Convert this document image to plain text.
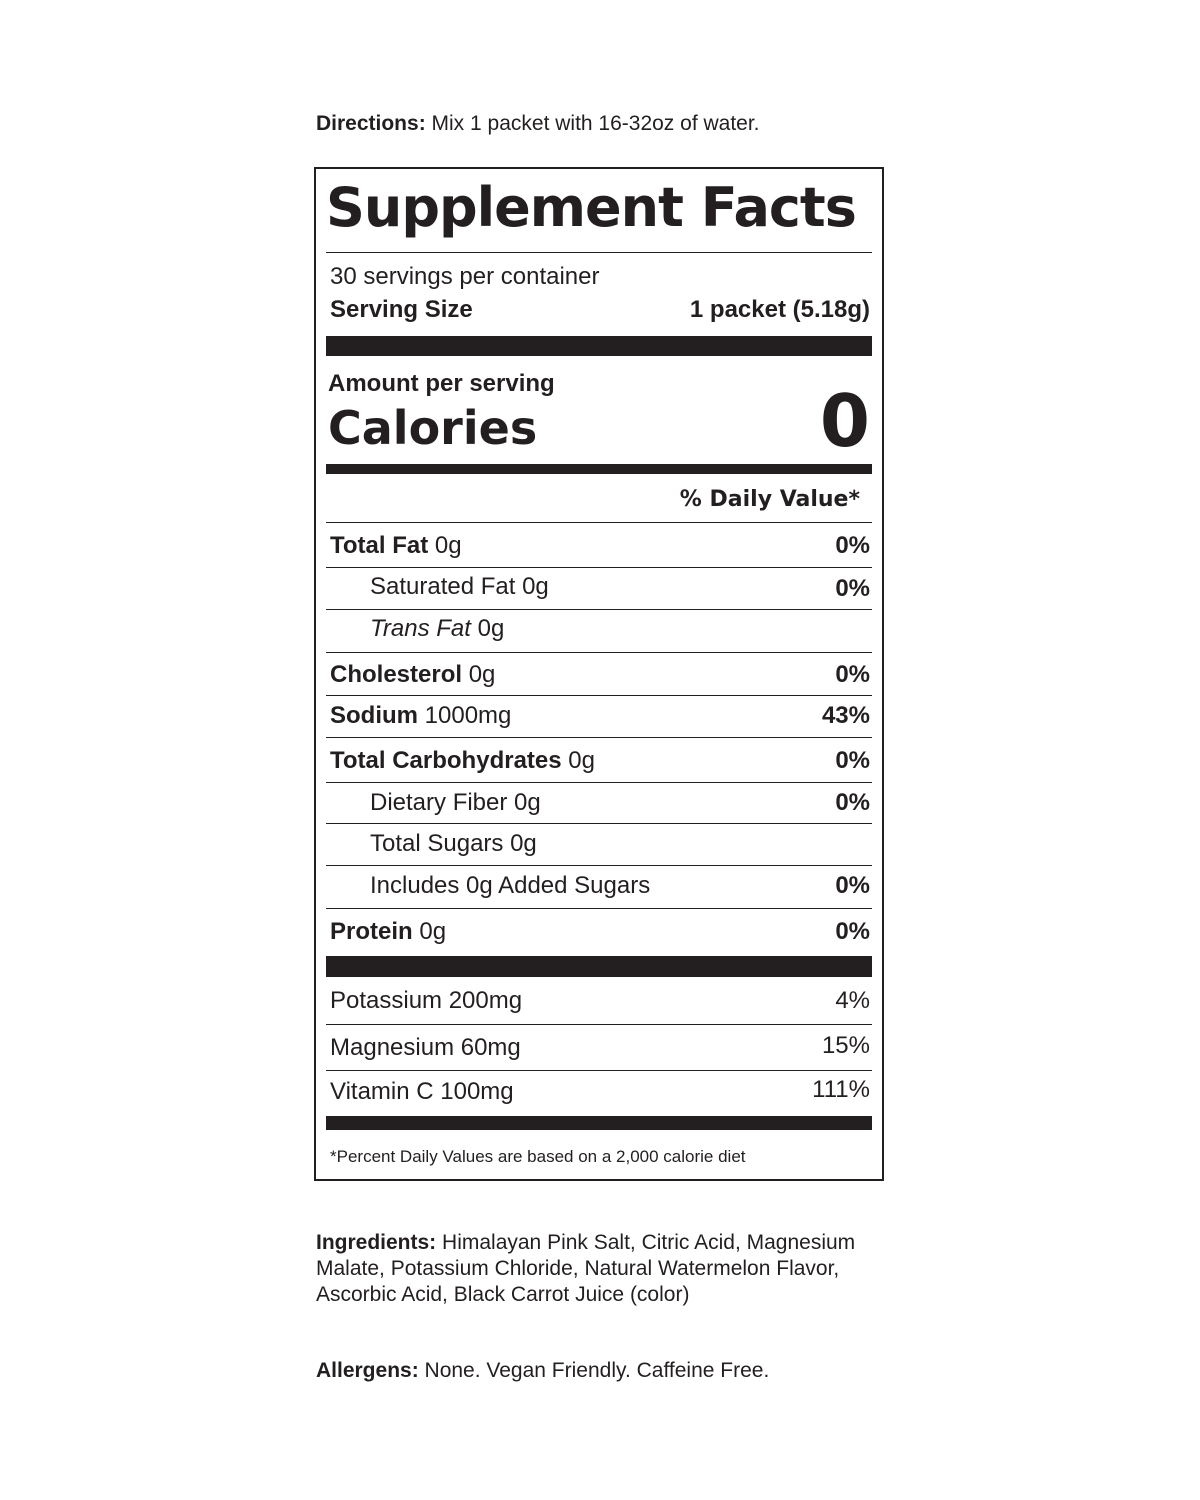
Directions: Mix 1 packet with 16-32oz of water.
Supplement Facts
30 servings per container
Serving Size	1 packet (5.18g)
Amount per serving
Calories	0
% Daily Value*
Total Fat 0g	0%
Saturated Fat 0g	0%
Trans Fat 0g
Cholesterol 0g	0%
Sodium 1000mg	43%
Total Carbohydrates 0g	0%
Dietary Fiber 0g	0%
Total Sugars 0g
Includes 0g Added Sugars	0%
Protein 0g	0%
Potassium 200mg	4%
Magnesium 60mg	15%
Vitamin C 100mg	111%
*Percent Daily Values are based on a 2,000 calorie diet
Ingredients: Himalayan Pink Salt, Citric Acid, Magnesium Malate, Potassium Chloride, Natural Watermelon Flavor, Ascorbic Acid, Black Carrot Juice (color)
Allergens: None. Vegan Friendly. Caffeine Free.
